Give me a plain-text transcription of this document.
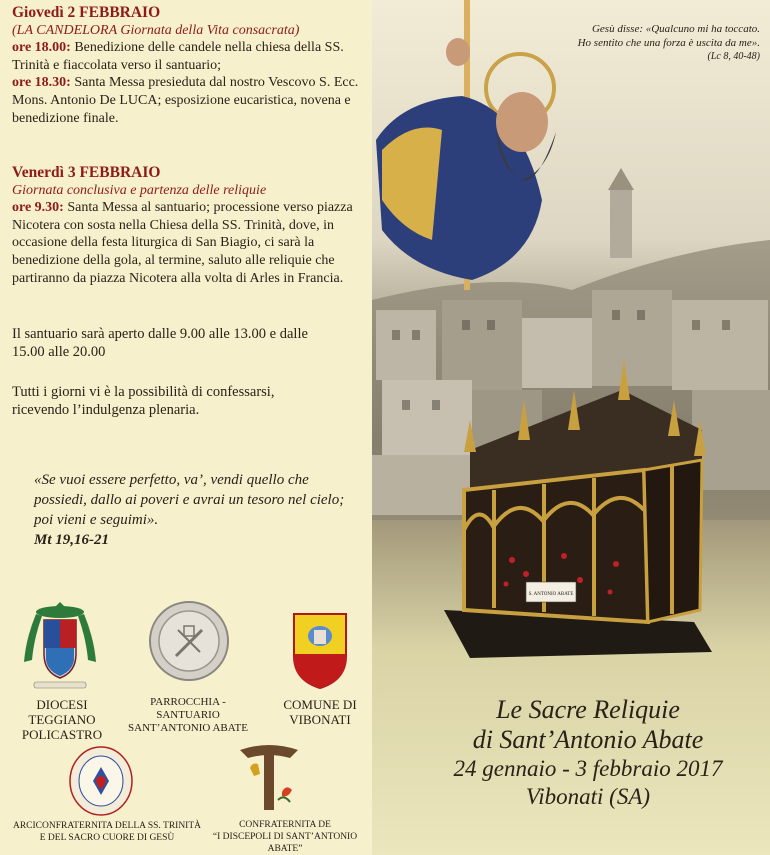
Giovedì 2 FEBBRAIO
(LA CANDELORA Giornata della Vita consacrata)
ore 18.00: Benedizione delle candele nella chiesa della SS. Trinità e fiaccolata verso il santuario;
ore 18.30: Santa Messa presieduta dal nostro Vescovo S. Ecc. Mons. Antonio De LUCA; esposizione eucaristica, novena e benedizione finale.
Venerdì 3 FEBBRAIO
Giornata conclusiva e partenza delle reliquie
ore 9.30: Santa Messa al santuario; processione verso piazza Nicotera con sosta nella Chiesa della SS. Trinità, dove, in occasione della festa liturgica di San Biagio, ci sarà la benedizione della gola, al termine, saluto alle reliquie che partiranno da piazza Nicotera alla volta di Arles in Francia.
Il santuario sarà aperto dalle 9.00 alle 13.00 e dalle 15.00 alle 20.00
Tutti i giorni vi è la possibilità di confessarsi, ricevendo l’indulgenza plenaria.
«Se vuoi essere perfetto, va’, vendi quello che possiedi, dallo ai poveri e avrai un tesoro nel cielo; poi vieni e seguimi».
Mt 19,16-21
DIOCESI
TEGGIANO
POLICASTRO
PARROCCHIA - SANTUARIO
SANT’ANTONIO ABATE
COMUNE DI
VIBONATI
ARCICONFRATERNITA DELLA SS. TRINITÀ
E DEL SACRO CUORE DI GESÙ
CONFRATERNITA DE
“I DISCEPOLI DI SANT’ANTONIO ABATE”
S. ANTONIO ABATE
Gesù disse: «Qualcuno mi ha toccato.
Ho sentito che una forza è uscita da me».
(Lc 8, 40-48)
Le Sacre Reliquie
di Sant’Antonio Abate
24 gennaio - 3 febbraio 2017
Vibonati (SA)
